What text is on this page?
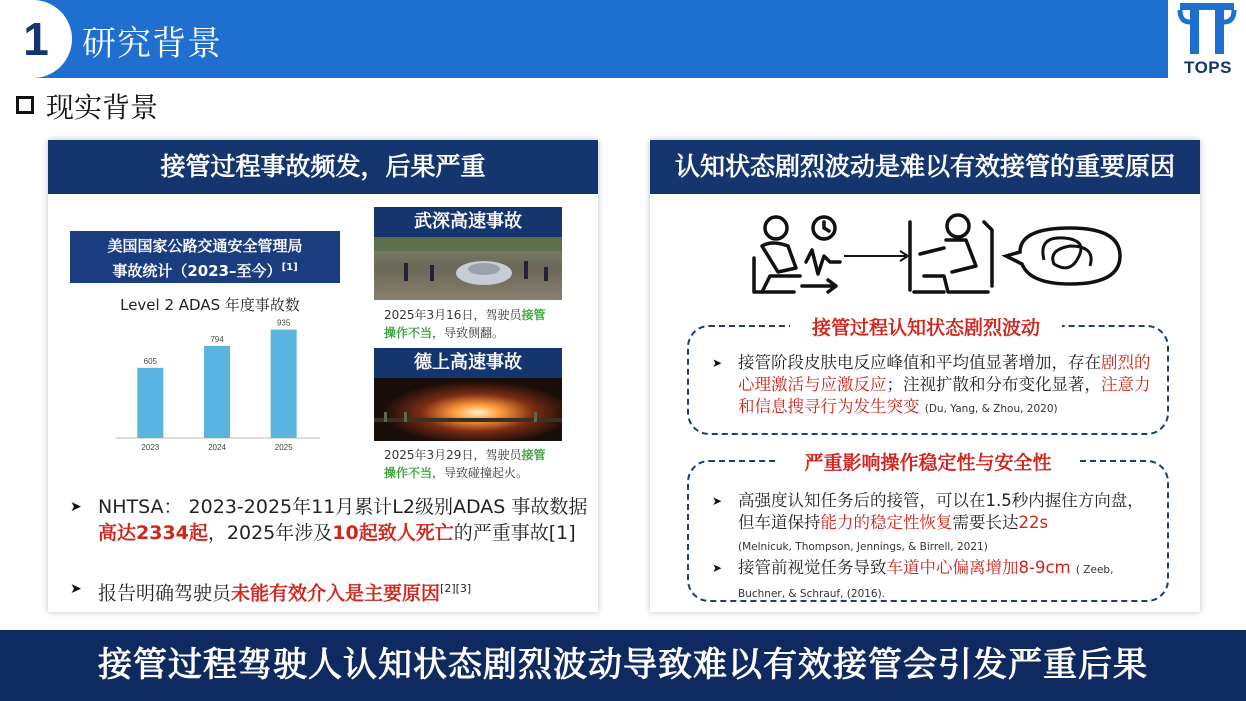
1 研究背景
TOPS
现实背景
接管过程事故频发，后果严重
美国国家公路交通安全管理局
事故统计（2023–至今）[1]
Level 2 ADAS 年度事故数
605
2023
794
2024
935
2025
武深高速事故
2025年3月16日，驾驶员接管
操作不当，导致侧翻。
德上高速事故
2025年3月29日，驾驶员接管
操作不当，导致碰撞起火。
➤ NHTSA： 2023-2025年11月累计L2级别ADAS 事故数据高达2334起，2025年涉及10起致人死亡的严重事故[1]
➤ 报告明确驾驶员未能有效介入是主要原因[2][3]
认知状态剧烈波动是难以有效接管的重要原因
接管过程认知状态剧烈波动
➤ 接管阶段皮肤电反应峰值和平均值显著增加，存在剧烈的心理激活与应激反应；注视扩散和分布变化显著，注意力和信息搜寻行为发生突变 (Du, Yang, & Zhou, 2020)
严重影响操作稳定性与安全性
➤ 高强度认知任务后的接管，可以在1.5秒内握住方向盘，但车道保持能力的稳定性恢复需要长达22s
(Melnicuk, Thompson, Jennings, & Birrell, 2021)
➤ 接管前视觉任务导致车道中心偏离增加8-9cm ( Zeeb, Buchner, & Schrauf, (2016).
接管过程驾驶人认知状态剧烈波动导致难以有效接管会引发严重后果
